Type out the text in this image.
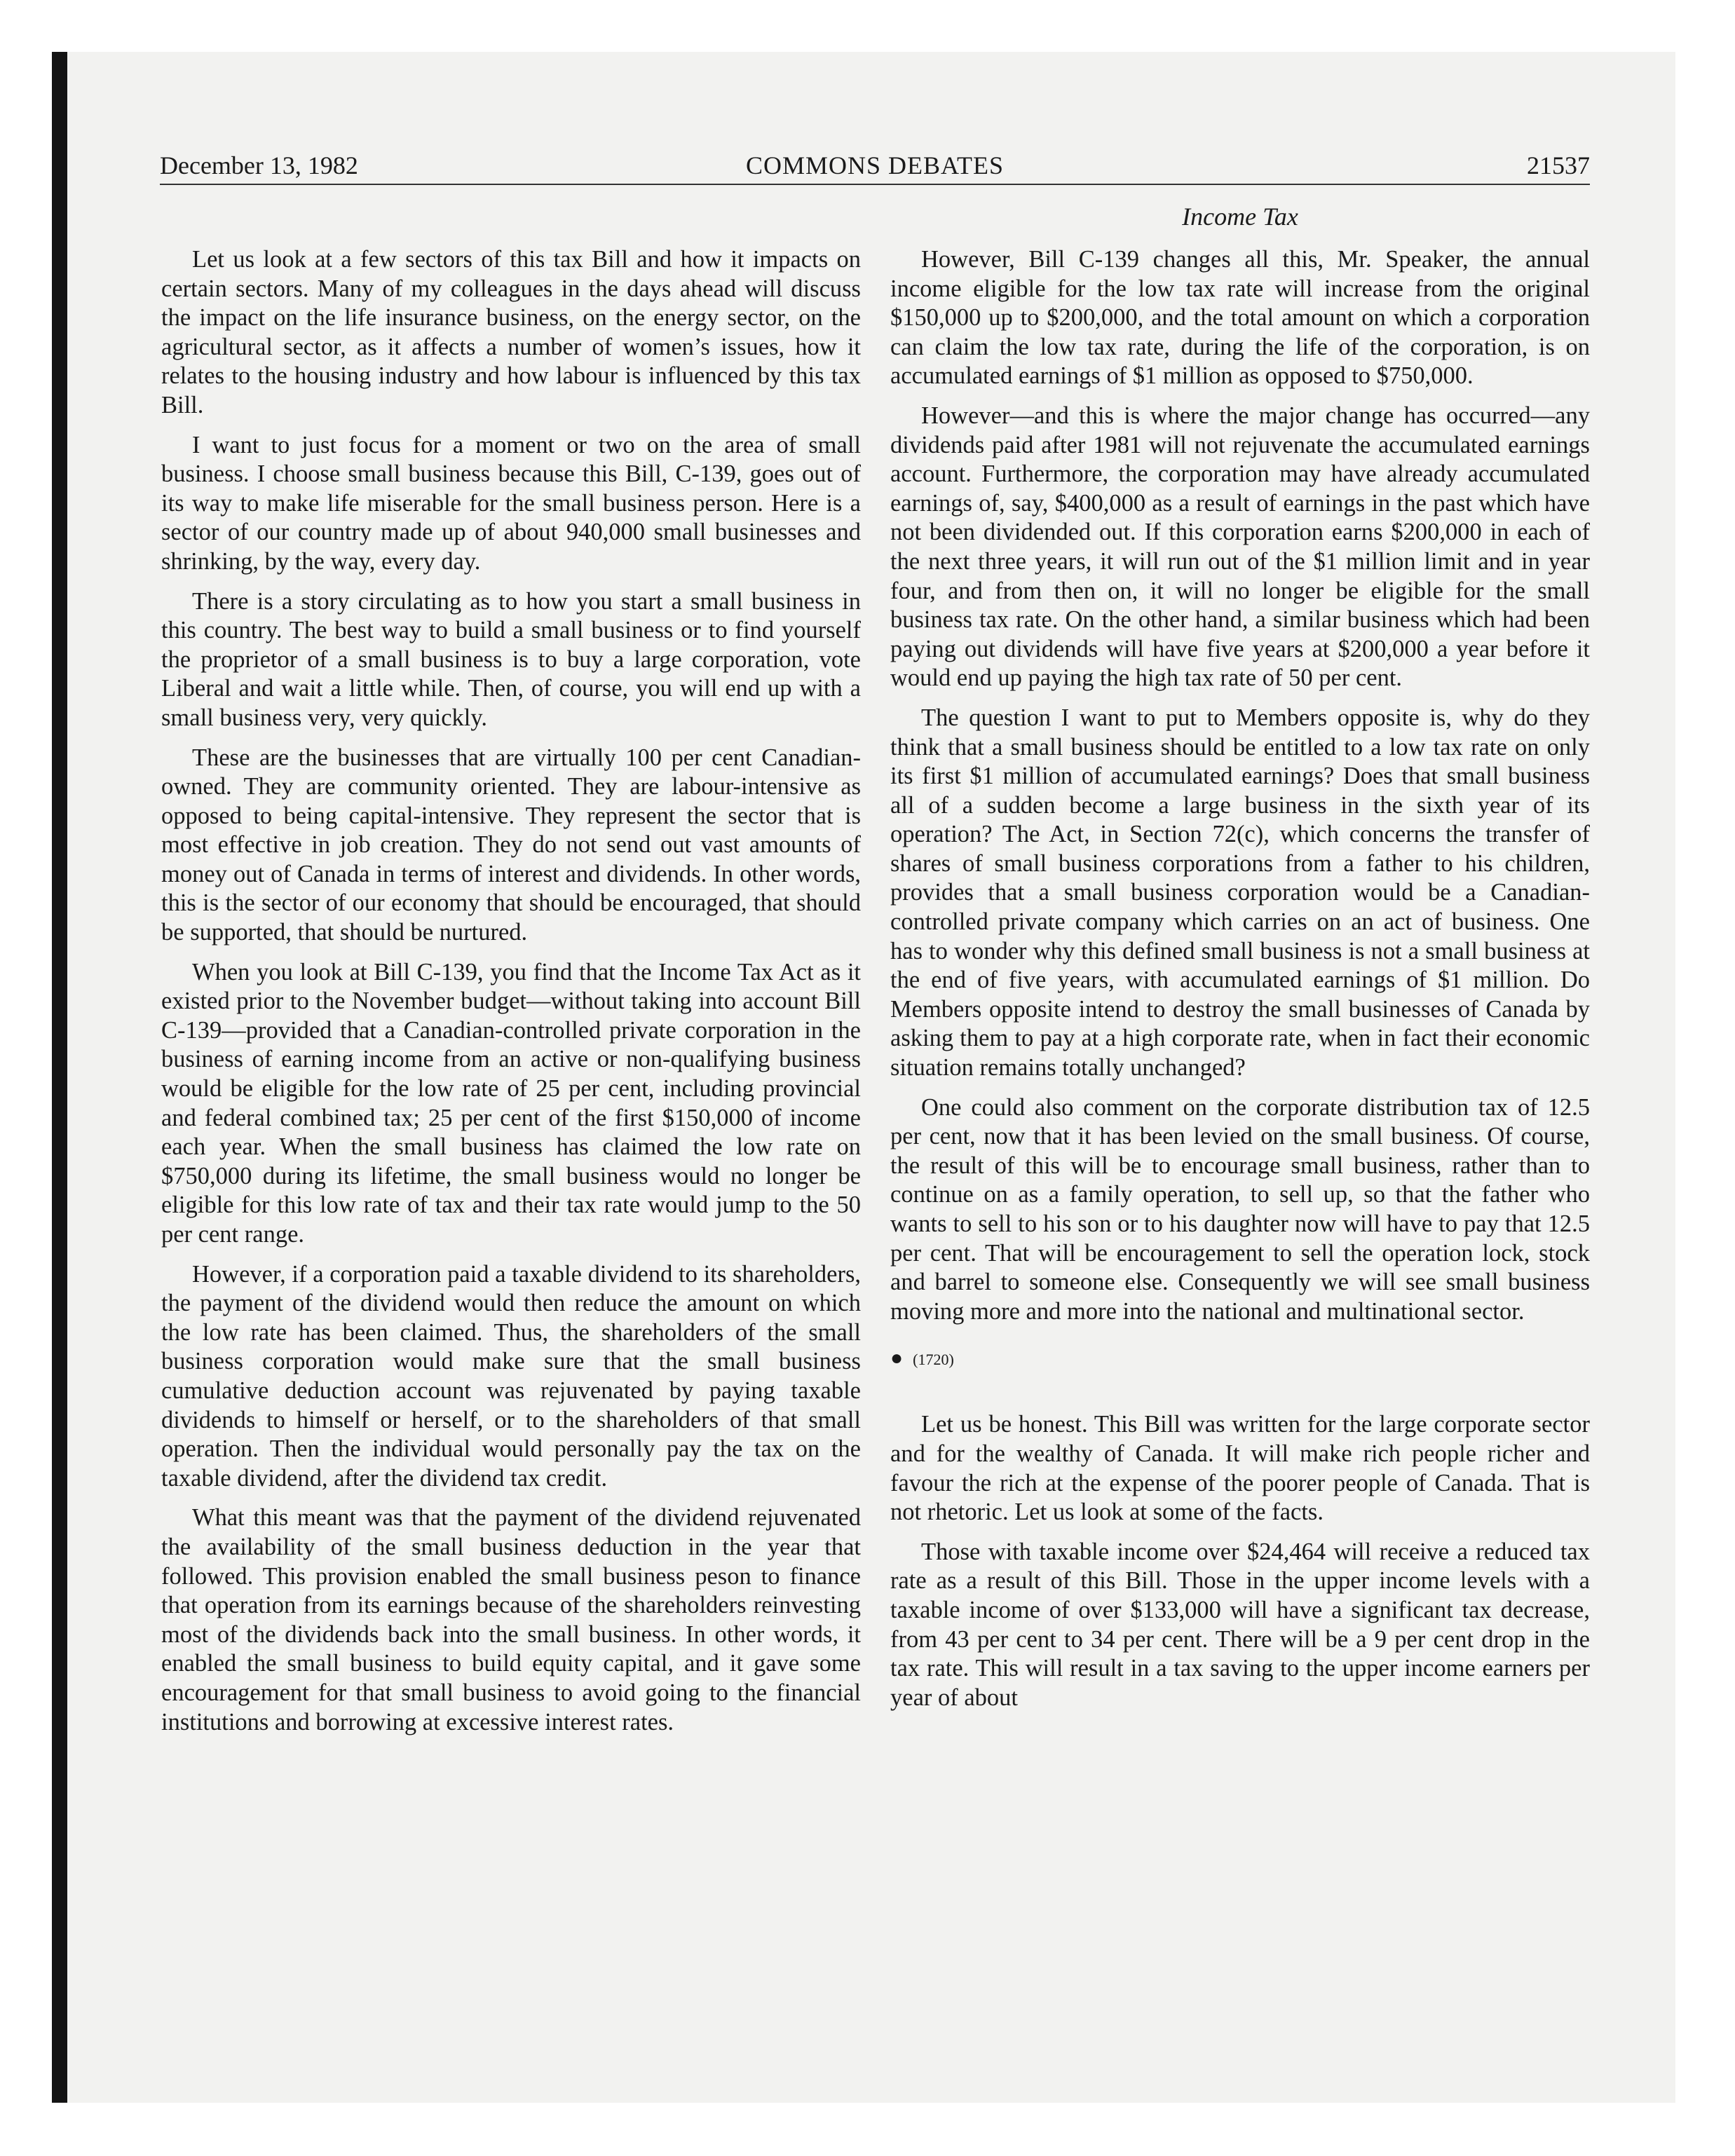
COMMONS DEBATES
December 13, 1982	21537
Income Tax

Let us look at a few sectors of this tax Bill and how it impacts on certain sectors. Many of my colleagues in the days ahead will discuss the impact on the life insurance business, on the energy sector, on the agricultural sector, as it affects a number of women’s issues, how it relates to the housing industry and how labour is influenced by this tax Bill.

I want to just focus for a moment or two on the area of small business. I choose small business because this Bill, C-139, goes out of its way to make life miserable for the small business person. Here is a sector of our country made up of about 940,000 small businesses and shrinking, by the way, every day.

There is a story circulating as to how you start a small business in this country. The best way to build a small business or to find yourself the proprietor of a small business is to buy a large corporation, vote Liberal and wait a little while. Then, of course, you will end up with a small business very, very quickly.

These are the businesses that are virtually 100 per cent Canadian-owned. They are community oriented. They are labour-intensive as opposed to being capital-intensive. They represent the sector that is most effective in job creation. They do not send out vast amounts of money out of Canada in terms of interest and dividends. In other words, this is the sector of our economy that should be encouraged, that should be supported, that should be nurtured.

When you look at Bill C-139, you find that the Income Tax Act as it existed prior to the November budget—without taking into account Bill C-139—provided that a Canadian-controlled private corporation in the business of earning income from an active or non-qualifying business would be eligible for the low rate of 25 per cent, including provincial and federal combined tax; 25 per cent of the first $150,000 of income each year. When the small business has claimed the low rate on $750,000 during its lifetime, the small business would no longer be eligible for this low rate of tax and their tax rate would jump to the 50 per cent range.

However, if a corporation paid a taxable dividend to its shareholders, the payment of the dividend would then reduce the amount on which the low rate has been claimed. Thus, the shareholders of the small business corporation would make sure that the small business cumulative deduction account was rejuvenated by paying taxable dividends to himself or herself, or to the shareholders of that small operation. Then the individual would personally pay the tax on the taxable dividend, after the dividend tax credit.

What this meant was that the payment of the dividend rejuvenated the availability of the small business deduction in the year that followed. This provision enabled the small business peson to finance that operation from its earnings because of the shareholders reinvesting most of the dividends back into the small business. In other words, it enabled the small business to build equity capital, and it gave some encouragement for that small business to avoid going to the financial institutions and borrowing at excessive interest rates.

However, Bill C-139 changes all this, Mr. Speaker, the annual income eligible for the low tax rate will increase from the original $150,000 up to $200,000, and the total amount on which a corporation can claim the low tax rate, during the life of the corporation, is on accumulated earnings of $1 million as opposed to $750,000.

However—and this is where the major change has occurred—any dividends paid after 1981 will not rejuvenate the accumulated earnings account. Furthermore, the corporation may have already accumulated earnings of, say, $400,000 as a result of earnings in the past which have not been dividended out. If this corporation earns $200,000 in each of the next three years, it will run out of the $1 million limit and in year four, and from then on, it will no longer be eligible for the small business tax rate. On the other hand, a similar business which had been paying out dividends will have five years at $200,000 a year before it would end up paying the high tax rate of 50 per cent.

The question I want to put to Members opposite is, why do they think that a small business should be entitled to a low tax rate on only its first $1 million of accumulated earnings? Does that small business all of a sudden become a large business in the sixth year of its operation? The Act, in Section 72(c), which concerns the transfer of shares of small business corporations from a father to his children, provides that a small business corporation would be a Canadian-controlled private company which carries on an act of business. One has to wonder why this defined small business is not a small business at the end of five years, with accumulated earnings of $1 million. Do Members opposite intend to destroy the small businesses of Canada by asking them to pay at a high corporate rate, when in fact their economic situation remains totally unchanged?

One could also comment on the corporate distribution tax of 12.5 per cent, now that it has been levied on the small business. Of course, the result of this will be to encourage small business, rather than to continue on as a family operation, to sell up, so that the father who wants to sell to his son or to his daughter now will have to pay that 12.5 per cent. That will be encouragement to sell the operation lock, stock and barrel to someone else. Consequently we will see small business moving more and more into the national and multinational sector.

● (1720)

Let us be honest. This Bill was written for the large corporate sector and for the wealthy of Canada. It will make rich people richer and favour the rich at the expense of the poorer people of Canada. That is not rhetoric. Let us look at some of the facts.

Those with taxable income over $24,464 will receive a reduced tax rate as a result of this Bill. Those in the upper income levels with a taxable income of over $133,000 will have a significant tax decrease, from 43 per cent to 34 per cent. There will be a 9 per cent drop in the tax rate. This will result in a tax saving to the upper income earners per year of about
